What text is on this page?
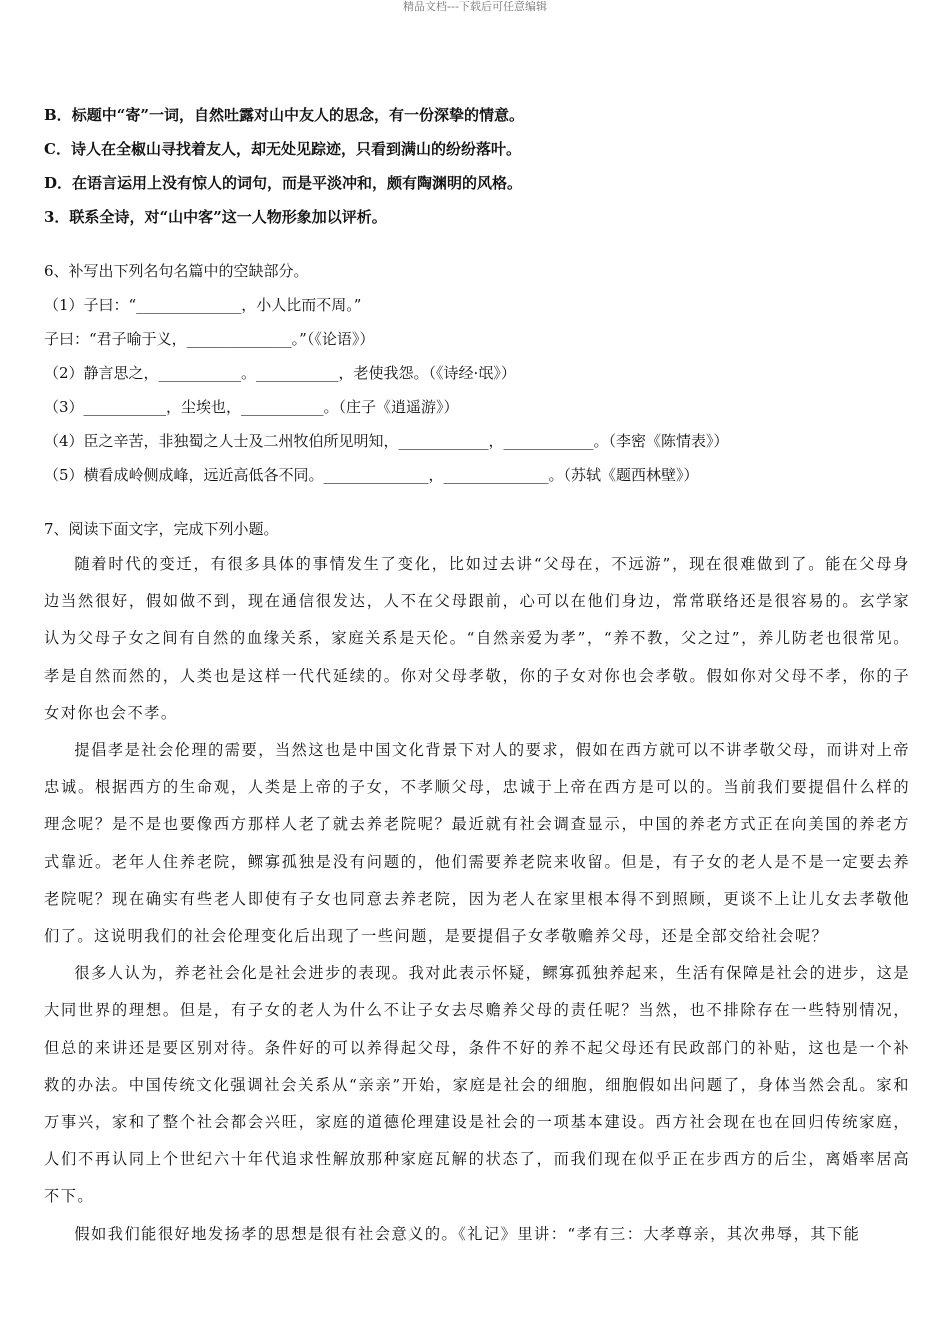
精品文档---下载后可任意编辑
B．标题中“寄”一词，自然吐露对山中友人的思念，有一份深挚的情意。
C．诗人在全椒山寻找着友人，却无处见踪迹，只看到满山的纷纷落叶。
D．在语言运用上没有惊人的词句，而是平淡冲和，颇有陶渊明的风格。
3．联系全诗，对“山中客”这一人物形象加以评析。
6、补写出下列名句名篇中的空缺部分。
（1）子曰：“______________，小人比而不周。”
子曰：“君子喻于义，______________。”（《论语》）
（2）静言思之，___________。___________，老使我怨。（《诗经·氓》）
（3）___________，尘埃也，___________。（庄子《逍遥游》）
（4）臣之辛苦，非独蜀之人士及二州牧伯所见明知，____________，____________。（李密《陈情表》）
（5）横看成岭侧成峰，远近高低各不同。______________，______________。（苏轼《题西林壁》）
7、阅读下面文字，完成下列小题。

随着时代的变迁，有很多具体的事情发生了变化，比如过去讲“父母在，不远游”，现在很难做到了。能在父母身边当然很好，假如做不到，现在通信很发达，人不在父母跟前，心可以在他们身边，常常联络还是很容易的。玄学家认为父母子女之间有自然的血缘关系，家庭关系是天伦。“自然亲爱为孝”，“养不教，父之过”，养儿防老也很常见。孝是自然而然的，人类也是这样一代代延续的。你对父母孝敬，你的子女对你也会孝敬。假如你对父母不孝，你的子女对你也会不孝。

提倡孝是社会伦理的需要，当然这也是中国文化背景下对人的要求，假如在西方就可以不讲孝敬父母，而讲对上帝忠诚。根据西方的生命观，人类是上帝的子女，不孝顺父母，忠诚于上帝在西方是可以的。当前我们要提倡什么样的理念呢？是不是也要像西方那样人老了就去养老院呢？最近就有社会调查显示，中国的养老方式正在向美国的养老方式靠近。老年人住养老院，鳏寡孤独是没有问题的，他们需要养老院来收留。但是，有子女的老人是不是一定要去养老院呢？现在确实有些老人即使有子女也同意去养老院，因为老人在家里根本得不到照顾，更谈不上让儿女去孝敬他们了。这说明我们的社会伦理变化后出现了一些问题，是要提倡子女孝敬赡养父母，还是全部交给社会呢？

很多人认为，养老社会化是社会进步的表现。我对此表示怀疑，鳏寡孤独养起来，生活有保障是社会的进步，这是大同世界的理想。但是，有子女的老人为什么不让子女去尽赡养父母的责任呢？当然，也不排除存在一些特别情况，但总的来讲还是要区别对待。条件好的可以养得起父母，条件不好的养不起父母还有民政部门的补贴，这也是一个补救的办法。中国传统文化强调社会关系从“亲亲”开始，家庭是社会的细胞，细胞假如出问题了，身体当然会乱。家和万事兴，家和了整个社会都会兴旺，家庭的道德伦理建设是社会的一项基本建设。西方社会现在也在回归传统家庭，人们不再认同上个世纪六十年代追求性解放那种家庭瓦解的状态了，而我们现在似乎正在步西方的后尘，离婚率居高不下。

假如我们能很好地发扬孝的思想是很有社会意义的。《礼记》里讲：“孝有三：大孝尊亲，其次弗辱，其下能
